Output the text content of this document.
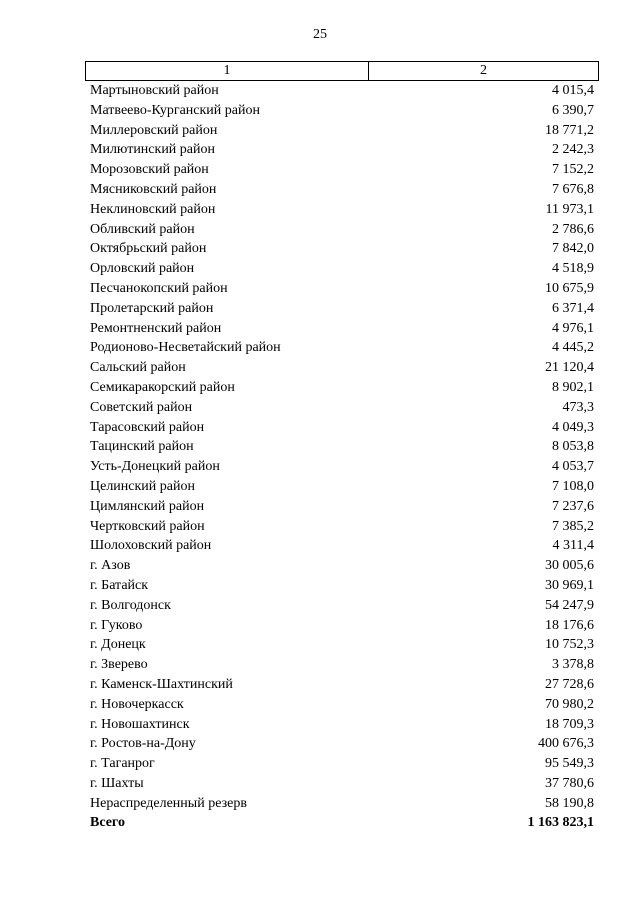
25
1	2
Мартыновский район	4 015,4
Матвеево-Курганский район	6 390,7
Миллеровский район	18 771,2
Милютинский район	2 242,3
Морозовский район	7 152,2
Мясниковский район	7 676,8
Неклиновский район	11 973,1
Обливский район	2 786,6
Октябрьский район	7 842,0
Орловский район	4 518,9
Песчанокопский район	10 675,9
Пролетарский район	6 371,4
Ремонтненский район	4 976,1
Родионово-Несветайский район	4 445,2
Сальский район	21 120,4
Семикаракорский район	8 902,1
Советский район	473,3
Тарасовский район	4 049,3
Тацинский район	8 053,8
Усть-Донецкий район	4 053,7
Целинский район	7 108,0
Цимлянский район	7 237,6
Чертковский район	7 385,2
Шолоховский район	4 311,4
г. Азов	30 005,6
г. Батайск	30 969,1
г. Волгодонск	54 247,9
г. Гуково	18 176,6
г. Донецк	10 752,3
г. Зверево	3 378,8
г. Каменск-Шахтинский	27 728,6
г. Новочеркасск	70 980,2
г. Новошахтинск	18 709,3
г. Ростов-на-Дону	400 676,3
г. Таганрог	95 549,3
г. Шахты	37 780,6
Нераспределенный резерв	58 190,8
Всего	1 163 823,1
